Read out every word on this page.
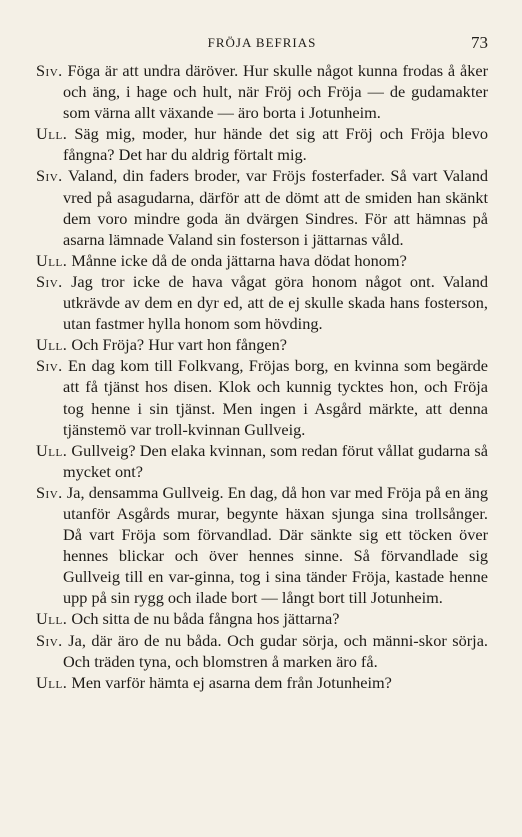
FRÖJA BEFRIAS	73

Siv. Föga är att undra däröver. Hur skulle något kunna frodas å åker och äng, i hage och hult, när Fröj och Fröja — de gudamakter som värna allt växande — äro borta i Jotunheim.

Ull. Säg mig, moder, hur hände det sig att Fröj och Fröja blevo fångna? Det har du aldrig förtalt mig.

Siv. Valand, din faders broder, var Fröjs fosterfader. Så vart Valand vred på asagudarna, därför att de dömt att de smiden han skänkt dem voro mindre goda än dvärgen Sindres. För att hämnas på asarna lämnade Valand sin fosterson i jättarnas våld.

Ull. Månne icke då de onda jättarna hava dödat honom?

Siv. Jag tror icke de hava vågat göra honom något ont. Valand utkrävde av dem en dyr ed, att de ej skulle skada hans fosterson, utan fastmer hylla honom som hövding.

Ull. Och Fröja? Hur vart hon fången?

Siv. En dag kom till Folkvang, Fröjas borg, en kvinna som begärde att få tjänst hos disen. Klok och kunnig tycktes hon, och Fröja tog henne i sin tjänst. Men ingen i Asgård märkte, att denna tjänstemö var troll-kvinnan Gullveig.

Ull. Gullveig? Den elaka kvinnan, som redan förut vållat gudarna så mycket ont?

Siv. Ja, densamma Gullveig. En dag, då hon var med Fröja på en äng utanför Asgårds murar, begynte häxan sjunga sina trollsånger. Då vart Fröja som förvandlad. Där sänkte sig ett töcken över hennes blickar och över hennes sinne. Så förvandlade sig Gullveig till en var-ginna, tog i sina tänder Fröja, kastade henne upp på sin rygg och ilade bort — långt bort till Jotunheim.

Ull. Och sitta de nu båda fångna hos jättarna?

Siv. Ja, där äro de nu båda. Och gudar sörja, och männi-skor sörja. Och träden tyna, och blomstren å marken äro få.

Ull. Men varför hämta ej asarna dem från Jotunheim?
